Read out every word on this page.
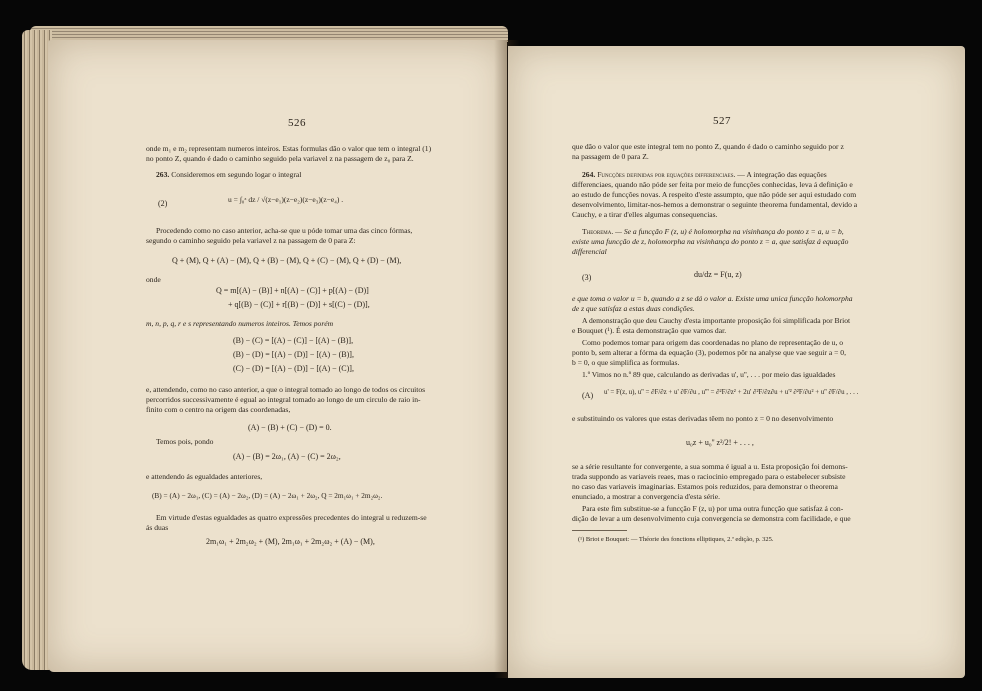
526
onde m₁ e m₂ representam numeros inteiros. Estas formulas dão o valor que tem o integral (1)
no ponto Z, quando é dado o caminho seguido pela variavel z na passagem de z₀ para Z.
263. Consideremos em segundo logar o integral
(2)	u = ∫₀ᶻ dz / √(z−e₁)(z−e₂)(z−e₃)(z−e₄) .
Procedendo como no caso anterior, acha-se que u póde tomar uma das cinco fórmas,
segundo o caminho seguido pela variavel z na passagem de 0 para Z:
Q + (M), Q + (A) − (M), Q + (B) − (M), Q + (C) − (M), Q + (D) − (M),
onde
Q = m[(A) − (B)] + n[(A) − (C)] + p[(A) − (D)]
+ q[(B) − (C)] + r[(B) − (D)] + s[(C) − (D)],
m, n, p, q, r e s representando numeros inteiros. Temos porém
(B) − (C) = [(A) − (C)] − [(A) − (B)],
(B) − (D) = [(A) − (D)] − [(A) − (B)],
(C) − (D) = [(A) − (D)] − [(A) − (C)],
e, attendendo, como no caso anterior, a que o integral tomado ao longo de todos os circuitos
percorridos successivamente é egual ao integral tomado ao longo de um circulo de raio in-
finito com o centro na origem das coordenadas,
(A) − (B) + (C) − (D) = 0.
Temos pois, pondo
(A) − (B) = 2ω₁, (A) − (C) = 2ω₂,
e attendendo ás egualdades anteriores,
(B) = (A) − 2ω₁, (C) = (A) − 2ω₂, (D) = (A) − 2ω₁ + 2ω₂, Q = 2m₁ω₁ + 2m₂ω₂.
Em virtude d'estas egualdades as quatro expressões precedentes do integral u reduzem-se
ás duas
2m₁ω₁ + 2m₂ω₂ + (M), 2m₁ω₁ + 2m₂ω₂ + (A) − (M),
527
que dão o valor que este integral tem no ponto Z, quando é dado o caminho seguido por z
na passagem de 0 para Z.
264. Funcções definidas por equações differenciaes. — A integração das equações
differenciaes, quando não póde ser feita por meio de funcções conhecidas, leva á definição e
ao estudo de funcções novas. A respeito d'este assumpto, que não póde ser aqui estudado com
desenvolvimento, limitar-nos-hemos a demonstrar o seguinte theorema fundamental, devido a
Cauchy, e a tirar d'elles algumas consequencias.
Theorema. — Se a funcção F (z, u) é holomorpha na visinhança do ponto z = a, u = b,
existe uma funcção de z, holomorpha na visinhança do ponto z = a, que satisfaz á equação
differencial
(3)	du/dz = F(u, z)
e que toma o valor u = b, quando a z se dá o valor a. Existe uma unica funcção holomorpha
de z que satisfaz a estas duas condições.
A demonstração que deu Cauchy d'esta importante proposição foi simplificada por Briot
e Bouquet (¹). É esta demonstração que vamos dar.
Como podemos tomar para origem das coordenadas no plano de representação de u, o
ponto b, sem alterar a fórma da equação (3), podemos pôr na analyse que vae seguir a = 0,
b = 0, o que simplifica as formulas.
1.º Vimos no n.º 89 que, calculando as derivadas u', u'', . . . por meio das igualdades
(A) u' = F(z, u), u'' = ∂F/∂z + u' ∂F/∂u , u''' = ∂²F/∂z² + 2u' ∂²F/∂z∂u + u'² ∂²F/∂u² + u'' ∂F/∂u , . . .
e substituindo os valores que estas derivadas têem no ponto z = 0 no desenvolvimento
u₀z + u₀'' z²/2! + . . . ,
se a série resultante for convergente, a sua somma é igual a u. Esta proposição foi demons-
trada suppondo as variaveis reaes, mas o raciocinio empregado para o estabelecer subsiste
no caso das variaveis imaginarias. Estamos pois reduzidos, para demonstrar o theorema
enunciado, a mostrar a convergencia d'esta série.
Para este fim substitue-se a funcção F (z, u) por uma outra funcção que satisfaz á con-
dição de levar a um desenvolvimento cuja convergencia se demonstra com facilidade, e que
(¹) Briot e Bouquet: — Théorie des fonctions elliptiques, 2.ª edição, p. 325.
